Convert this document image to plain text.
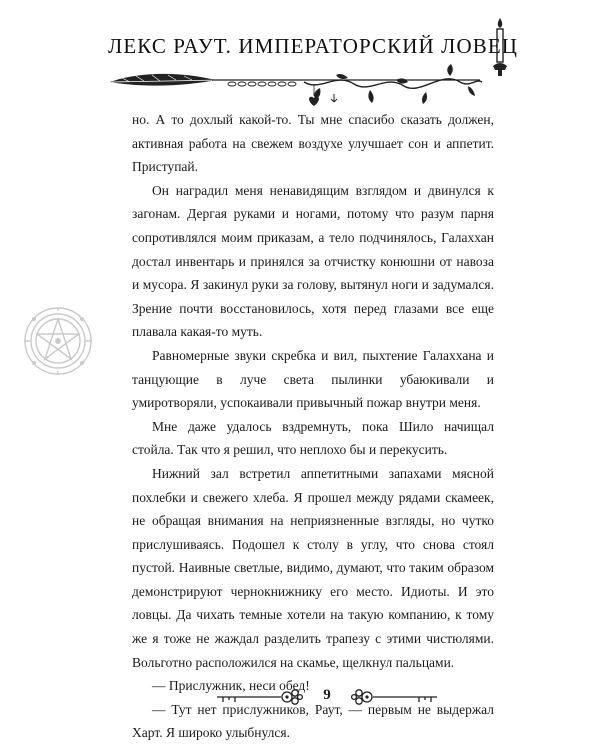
ЛЕКС РАУТ. ИМПЕРАТОРСКИЙ ЛОВЕЦ

но. А то дохлый какой-то. Ты мне спасибо сказать должен, активная работа на свежем воздухе улучшает сон и аппетит. Приступай.

Он наградил меня ненавидящим взглядом и двинулся к загонам. Дергая руками и ногами, потому что разум парня сопротивлялся моим приказам, а тело подчинялось, Галаххан достал инвентарь и принялся за отчистку конюшни от навоза и мусора. Я закинул руки за голову, вытянул ноги и задумался. Зрение почти восстановилось, хотя перед глазами все еще плавала какая-то муть.

Равномерные звуки скребка и вил, пыхтение Галаххана и танцующие в луче света пылинки убаюкивали и умиротворяли, успокаивали привычный пожар внутри меня.

Мне даже удалось вздремнуть, пока Шило начищал стойла. Так что я решил, что неплохо бы и перекусить.

Нижний зал встретил аппетитными запахами мясной похлебки и свежего хлеба. Я прошел между рядами скамеек, не обращая внимания на неприязненные взгляды, но чутко прислушиваясь. Подошел к столу в углу, что снова стоял пустой. Наивные светлые, видимо, думают, что таким образом демонстрируют чернокнижнику его место. Идиоты. И это ловцы. Да чихать темные хотели на такую компанию, к тому же я тоже не жаждал разделить трапезу с этими чистюлями. Вольготно расположился на скамье, щелкнул пальцами.

— Прислужник, неси обед!

— Тут нет прислужников, Раут, — первым не выдержал Харт. Я широко улыбнулся.

9
